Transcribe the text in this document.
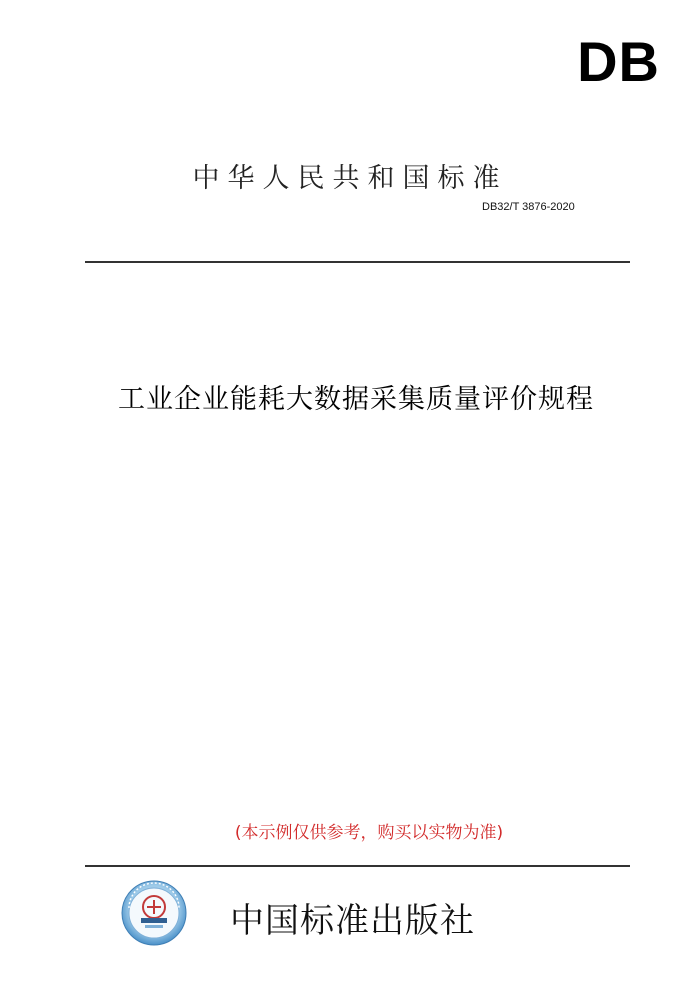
DB
中华人民共和国标准
DB32/T 3876-2020
工业企业能耗大数据采集质量评价规程
(本示例仅供参考，购买以实物为准)
中国标准出版社
